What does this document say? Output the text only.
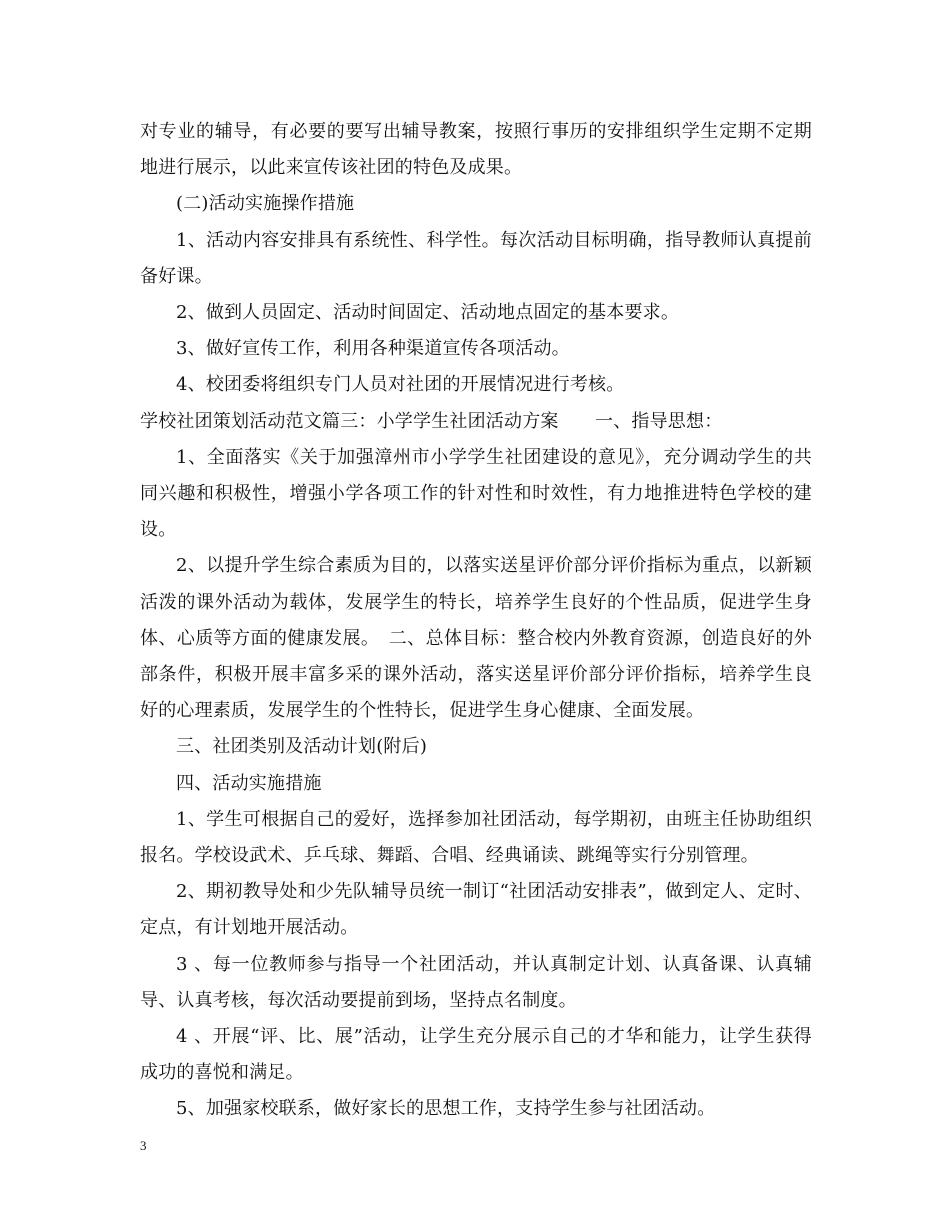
对专业的辅导，有必要的要写出辅导教案，按照行事历的安排组织学生定期不定期地进行展示，以此来宣传该社团的特色及成果。

(二)活动实施操作措施

1、活动内容安排具有系统性、科学性。每次活动目标明确，指导教师认真提前备好课。

2、做到人员固定、活动时间固定、活动地点固定的基本要求。

3、做好宣传工作，利用各种渠道宣传各项活动。

4、校团委将组织专门人员对社团的开展情况进行考核。

学校社团策划活动范文篇三：小学学生社团活动方案　　一、指导思想：

1、全面落实《关于加强漳州市小学学生社团建设的意见》，充分调动学生的共同兴趣和积极性，增强小学各项工作的针对性和时效性，有力地推进特色学校的建设。

2、以提升学生综合素质为目的，以落实送星评价部分评价指标为重点，以新颖活泼的课外活动为载体，发展学生的特长，培养学生良好的个性品质，促进学生身体、心质等方面的健康发展。　二、总体目标：整合校内外教育资源，创造良好的外部条件，积极开展丰富多采的课外活动，落实送星评价部分评价指标，培养学生良好的心理素质，发展学生的个性特长，促进学生身心健康、全面发展。

三、社团类别及活动计划(附后)

四、活动实施措施

1、学生可根据自己的爱好，选择参加社团活动，每学期初，由班主任协助组织报名。学校设武术、乒乓球、舞蹈、合唱、经典诵读、跳绳等实行分别管理。

2、期初教导处和少先队辅导员统一制订“社团活动安排表”，做到定人、定时、定点，有计划地开展活动。

3 、每一位教师参与指导一个社团活动，并认真制定计划、认真备课、认真辅导、认真考核，每次活动要提前到场，坚持点名制度。

4 、开展“评、比、展”活动，让学生充分展示自己的才华和能力，让学生获得成功的喜悦和满足。

5、加强家校联系，做好家长的思想工作，支持学生参与社团活动。

3
